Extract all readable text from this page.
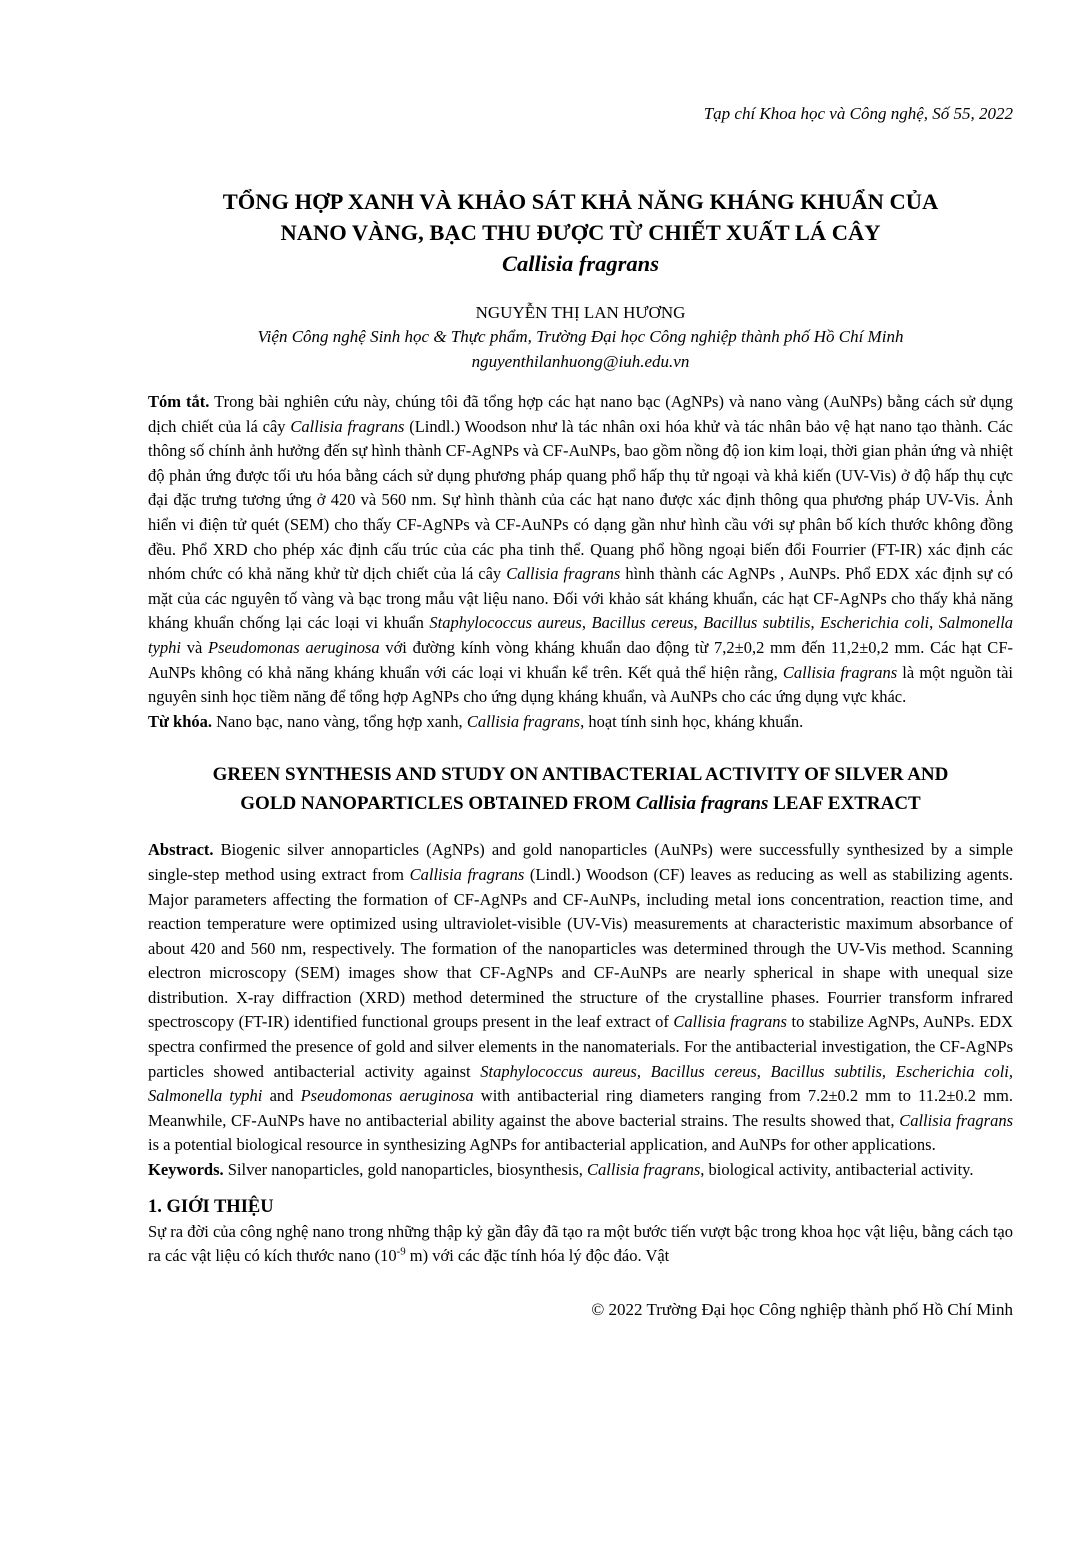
Tạp chí Khoa học và Công nghệ, Số 55, 2022
TỔNG HỢP XANH VÀ KHẢO SÁT KHẢ NĂNG KHÁNG KHUẨN CỦA
NANO VÀNG, BẠC THU ĐƯỢC TỪ CHIẾT XUẤT LÁ CÂY
Callisia fragrans
NGUYỄN THỊ LAN HƯƠNG
Viện Công nghệ Sinh học & Thực phẩm, Trường Đại học Công nghiệp thành phố Hồ Chí Minh
nguyenthilanhuong@iuh.edu.vn

Tóm tắt. Trong bài nghiên cứu này, chúng tôi đã tổng hợp các hạt nano bạc (AgNPs) và nano vàng (AuNPs) bằng cách sử dụng dịch chiết của lá cây Callisia fragrans (Lindl.) Woodson như là tác nhân oxi hóa khử và tác nhân bảo vệ hạt nano tạo thành. Các thông số chính ảnh hưởng đến sự hình thành CF-AgNPs và CF-AuNPs, bao gồm nồng độ ion kim loại, thời gian phản ứng và nhiệt độ phản ứng được tối ưu hóa bằng cách sử dụng phương pháp quang phổ hấp thụ tử ngoại và khả kiến (UV-Vis) ở độ hấp thụ cực đại đặc trưng tương ứng ở 420 và 560 nm. Sự hình thành của các hạt nano được xác định thông qua phương pháp UV-Vis. Ảnh hiển vi điện tử quét (SEM) cho thấy CF-AgNPs và CF-AuNPs có dạng gần như hình cầu với sự phân bố kích thước không đồng đều. Phổ XRD cho phép xác định cấu trúc của các pha tinh thể. Quang phổ hồng ngoại biến đổi Fourrier (FT-IR) xác định các nhóm chức có khả năng khử từ dịch chiết của lá cây Callisia fragrans hình thành các AgNPs , AuNPs. Phổ EDX xác định sự có mặt của các nguyên tố vàng và bạc trong mẫu vật liệu nano. Đối với khảo sát kháng khuẩn, các hạt CF-AgNPs cho thấy khả năng kháng khuẩn chống lại các loại vi khuẩn Staphylococcus aureus, Bacillus cereus, Bacillus subtilis, Escherichia coli, Salmonella typhi và Pseudomonas aeruginosa với đường kính vòng kháng khuẩn dao động từ 7,2±0,2 mm đến 11,2±0,2 mm. Các hạt CF-AuNPs không có khả năng kháng khuẩn với các loại vi khuẩn kể trên. Kết quả thể hiện rằng, Callisia fragrans là một nguồn tài nguyên sinh học tiềm năng để tổng hợp AgNPs cho ứng dụng kháng khuẩn, và AuNPs cho các ứng dụng vực khác.

Từ khóa. Nano bạc, nano vàng, tổng hợp xanh, Callisia fragrans, hoạt tính sinh học, kháng khuẩn.

GREEN SYNTHESIS AND STUDY ON ANTIBACTERIAL ACTIVITY OF SILVER AND
GOLD NANOPARTICLES OBTAINED FROM Callisia fragrans LEAF EXTRACT

Abstract. Biogenic silver annoparticles (AgNPs) and gold nanoparticles (AuNPs) were successfully synthesized by a simple single-step method using extract from Callisia fragrans (Lindl.) Woodson (CF) leaves as reducing as well as stabilizing agents. Major parameters affecting the formation of CF-AgNPs and CF-AuNPs, including metal ions concentration, reaction time, and reaction temperature were optimized using ultraviolet-visible (UV-Vis) measurements at characteristic maximum absorbance of about 420 and 560 nm, respectively. The formation of the nanoparticles was determined through the UV-Vis method. Scanning electron microscopy (SEM) images show that CF-AgNPs and CF-AuNPs are nearly spherical in shape with unequal size distribution. X-ray diffraction (XRD) method determined the structure of the crystalline phases. Fourrier transform infrared spectroscopy (FT-IR) identified functional groups present in the leaf extract of Callisia fragrans to stabilize AgNPs, AuNPs. EDX spectra confirmed the presence of gold and silver elements in the nanomaterials. For the antibacterial investigation, the CF-AgNPs particles showed antibacterial activity against Staphylococcus aureus, Bacillus cereus, Bacillus subtilis, Escherichia coli, Salmonella typhi and Pseudomonas aeruginosa with antibacterial ring diameters ranging from 7.2±0.2 mm to 11.2±0.2 mm. Meanwhile, CF-AuNPs have no antibacterial ability against the above bacterial strains. The results showed that, Callisia fragrans is a potential biological resource in synthesizing AgNPs for antibacterial application, and AuNPs for other applications.

Keywords. Silver nanoparticles, gold nanoparticles, biosynthesis, Callisia fragrans, biological activity, antibacterial activity.

1. GIỚI THIỆU

Sự ra đời của công nghệ nano trong những thập kỷ gần đây đã tạo ra một bước tiến vượt bậc trong khoa học vật liệu, bằng cách tạo ra các vật liệu có kích thước nano ($10^{-9}$ m) với các đặc tính hóa lý độc đáo. Vật

© 2022 Trường Đại học Công nghiệp thành phố Hồ Chí Minh
